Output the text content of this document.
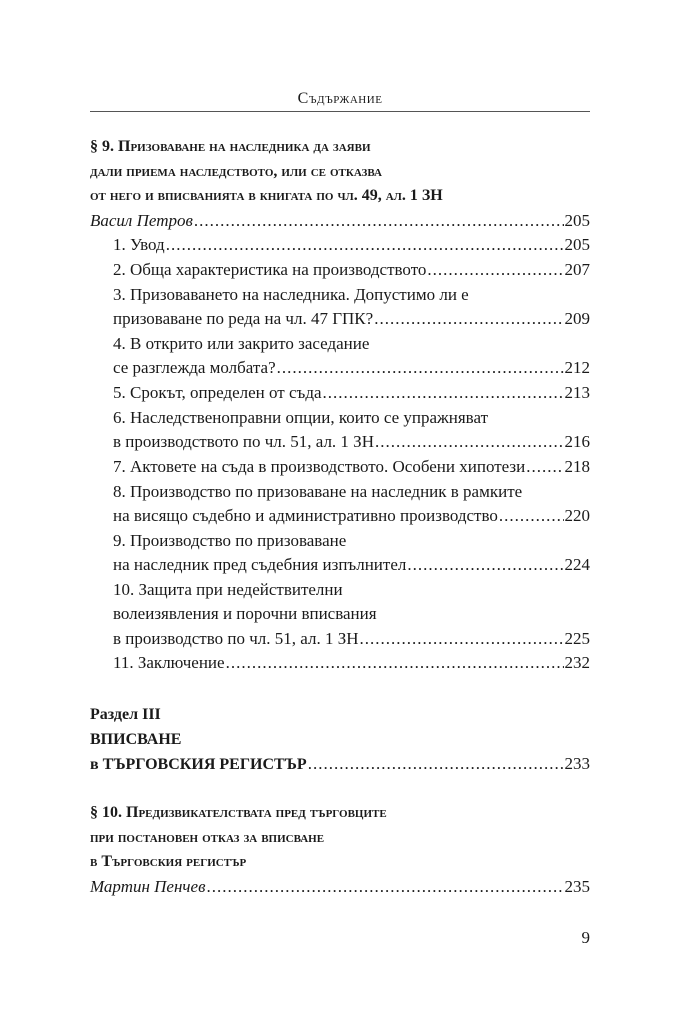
Съдържание
§ 9. Призоваване на наследника да заяви
дали приема наследството, или се отказва
от него и вписванията в книгата по чл. 49, ал. 1 ЗН
Васил Петров .....	205
1. Увод .....	205
2. Обща характеристика на производството .....	207
3. Призоваването на наследника. Допустимо ли е
призоваване по реда на чл. 47 ГПК? .....	209
4. В открито или закрито заседание
се разглежда молбата? .....	212
5. Срокът, определен от съда .....	213
6. Наследственоправни опции, които се упражняват
в производството по чл. 51, ал. 1 ЗН .....	216
7. Актовете на съда в производството. Особени хипотези ..... 218
8. Производство по призоваване на наследник в рамките
на висящо съдебно и административно производство .....	220
9. Производство по призоваване
на наследник пред съдебния изпълнител .....	224
10. Защита при недействителни
волеизявления и порочни вписвания
в производство по чл. 51, ал. 1 ЗН .....	225
11. Заключение .....	232
Раздел III
ВПИСВАНЕ
в ТЪРГОВСКИЯ РЕГИСТЪР .....	233
§ 10. Предизвикателствата пред търговците
при постановен отказ за вписване
в Търговския регистър
Мартин Пенчев .....	235
9
